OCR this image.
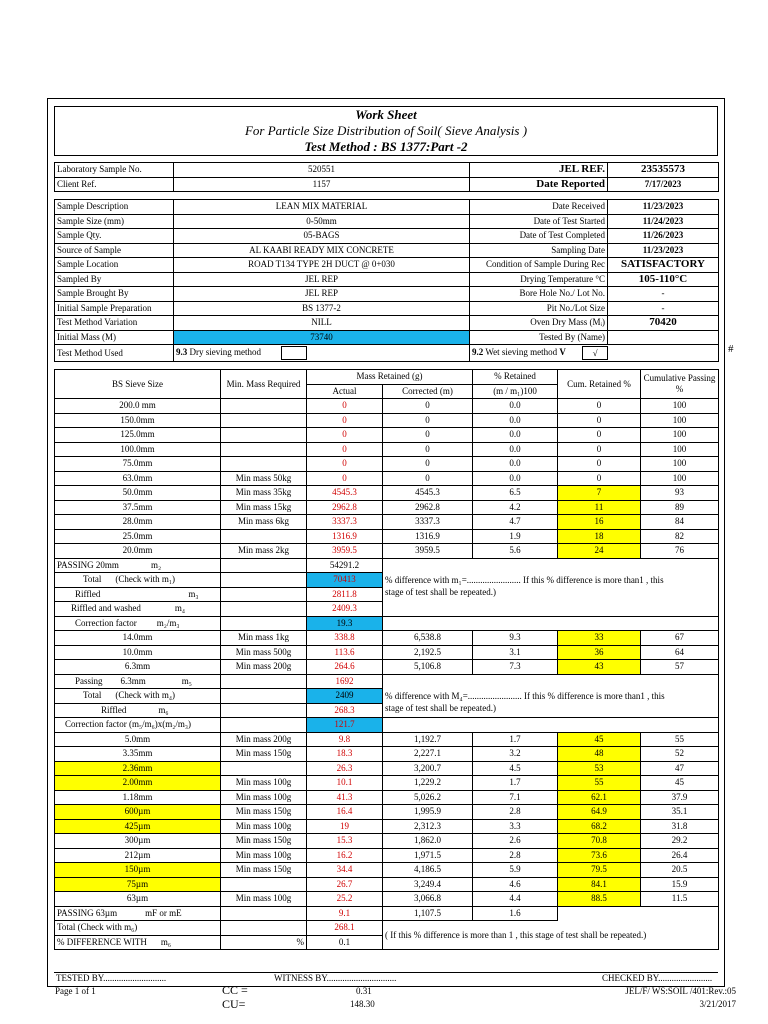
Work Sheet
For Particle Size Distribution of Soil( Sieve Analysis )
Test Method : BS 1377:Part -2
Laboratory Sample No.	520551	JEL REF.	23535573
Client Ref.	1157	Date Reported	7/17/2023
Sample Description	LEAN MIX MATERIAL	Date Received	11/23/2023
Sample Size (mm)	0-50mm	Date of Test Started	11/24/2023
Sample Qty.	05-BAGS	Date of Test Completed	11/26/2023
Source of Sample	AL KAABI READY MIX CONCRETE	Sampling Date	11/23/2023
Sample Location	ROAD T134 TYPE 2H DUCT @ 0+030	Condition of Sample During Rec	SATISFACTORY
Sampled By	JEL REP	Drying Temperature °C	105-110°C
Sample Brought By	JEL REP	Bore Hole No./ Lot No.	-
Initial Sample Preparation	BS 1377-2	Pit No./Lot Size	-
Test Method Variation	NILL	Oven Dry Mass (Mᵢ)	70420
Initial Mass (M)	73740	Tested By (Name)	
Test Method Used	9.3 Dry sieving method	9.2 Wet sieving method V √		#
BS Sieve Size	Min. Mass Required	Mass Retained (g)		% Retained	Cum. Retained %	Cumulative Passing %
		Actual	Corrected (m)	(m / m₁)100		
200.0 mm		0	0	0.0	0	100
150.0mm		0	0	0.0	0	100
125.0mm		0	0	0.0	0	100
100.0mm		0	0	0.0	0	100
75.0mm		0	0	0.0	0	100
63.0mm	Min mass 50kg	0	0	0.0	0	100
50.0mm	Min mass 35kg	4545.3	4545.3	6.5	7	93
37.5mm	Min mass 15kg	2962.8	2962.8	4.2	11	89
28.0mm	Min mass 6kg	3337.3	3337.3	4.7	16	84
25.0mm		1316.9	1316.9	1.9	18	82
20.0mm	Min mass 2kg	3959.5	3959.5	5.6	24	76
PASSING 20mm m₂		54291.2				
Total (Check with m₁)		70413	% difference with m₁=........................ If this % difference is more than1 , this
stage of test shall be repeated.)			

Riffled m₃		2811.8				
Riffled and washed m₄		2409.3				
Correction factor m₂/m₃		19.3				
14.0mm	Min mass 1kg	338.8	6,538.8	9.3	33	67
10.0mm	Min mass 500g	113.6	2,192.5	3.1	36	64
6.3mm	Min mass 200g	264.6	5,106.8	7.3	43	57
Passing 6.3mm m₅		1692				
Total (Check with m₄)		2409	% difference with M₄=........................ If this % difference is more than1 , this
stage of test shall be repeated.)			

Riffled m₆		268.3				
Correction factor (m₅/m₆)x(m₂/m₃)		121.7				
5.0mm	Min mass 200g	9.8	1,192.7	1.7	45	55
3.35mm	Min mass 150g	18.3	2,227.1	3.2	48	52
2.36mm		26.3	3,200.7	4.5	53	47
2.00mm	Min mass 100g	10.1	1,229.2	1.7	55	45
1.18mm	Min mass 100g	41.3	5,026.2	7.1	62.1	37.9
600µm	Min mass 150g	16.4	1,995.9	2.8	64.9	35.1
425µm	Min mass 100g	19	2,312.3	3.3	68.2	31.8
300µm	Min mass 150g	15.3	1,862.0	2.6	70.8	29.2
212µm	Min mass 100g	16.2	1,971.5	2.8	73.6	26.4
150µm	Min mass 150g	34.4	4,186.5	5.9	79.5	20.5
75µm		26.7	3,249.4	4.6	84.1	15.9
63µm	Min mass 100g	25.2	3,066.8	4.4	88.5	11.5
PASSING 63µm mF or mE		9.1	1,107.5	1.6		
Total (Check with m₆)		268.1	( If this % difference is more than 1 , this stage of test shall be repeated.)			
% DIFFERENCE WITH m₆	%	0.1				
TESTED BY............................	WITNESS BY...............................	CHECKED BY........................
Page 1 of 1	CC =	0.31
CU=	148.30
JEL/F/ WS:SOIL /401:Rev.:05
3/21/2017
